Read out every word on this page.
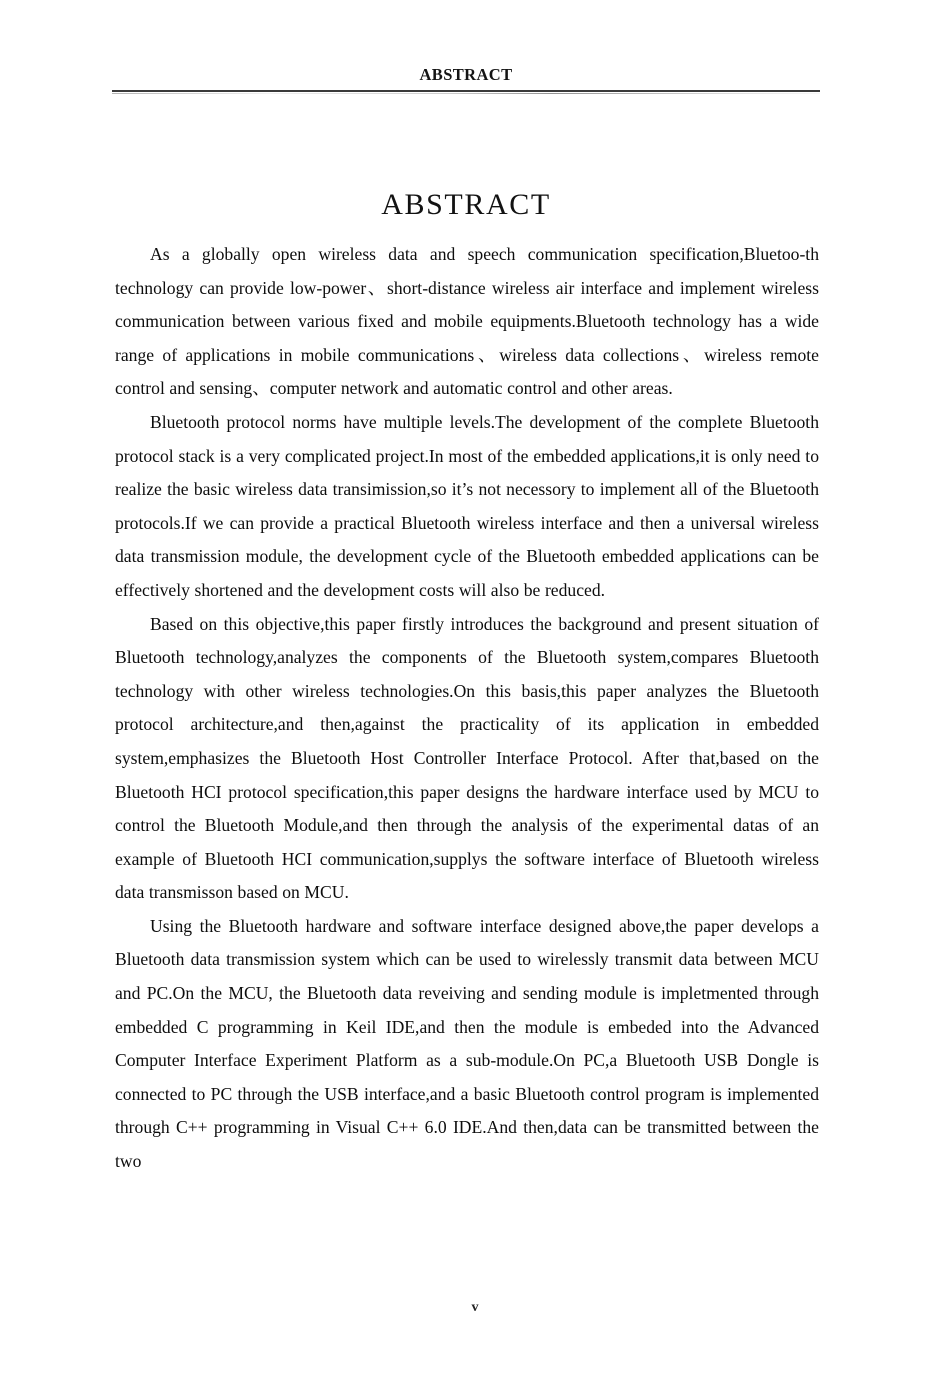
ABSTRACT
ABSTRACT

As a globally open wireless data and speech communication specification,Bluetoo-th technology can provide low-power、short-distance wireless air interface and implement wireless communication between various fixed and mobile equipments.Bluetooth technology has a wide range of applications in mobile communications、wireless data collections、wireless remote control and sensing、computer network and automatic control and other areas.

Bluetooth protocol norms have multiple levels.The development of the complete Bluetooth protocol stack is a very complicated project.In most of the embedded applications,it is only need to realize the basic wireless data transimission,so it’s not necessory to implement all of the Bluetooth protocols.If we can provide a practical Bluetooth wireless interface and then a universal wireless data transmission module, the development cycle of the Bluetooth embedded applications can be effectively shortened and the development costs will also be reduced.

Based on this objective,this paper firstly introduces the background and present situation of Bluetooth technology,analyzes the components of the Bluetooth system,compares Bluetooth technology with other wireless technologies.On this basis,this paper analyzes the Bluetooth protocol architecture,and then,against the practicality of its application in embedded system,emphasizes the Bluetooth Host Controller Interface Protocol. After that,based on the Bluetooth HCI protocol specification,this paper designs the hardware interface used by MCU to control the Bluetooth Module,and then through the analysis of the experimental datas of an example of Bluetooth HCI communication,supplys the software interface of Bluetooth wireless data transmisson based on MCU.

Using the Bluetooth hardware and software interface designed above,the paper develops a Bluetooth data transmission system which can be used to wirelessly transmit data between MCU and PC.On the MCU, the Bluetooth data reveiving and sending module is impletmented through embedded C programming in Keil IDE,and then the module is embeded into the Advanced Computer Interface Experiment Platform as a sub-module.On PC,a Bluetooth USB Dongle is connected to PC through the USB interface,and a basic Bluetooth control program is implemented through C++ programming in Visual C++ 6.0 IDE.And then,data can be transmitted between the two

v
